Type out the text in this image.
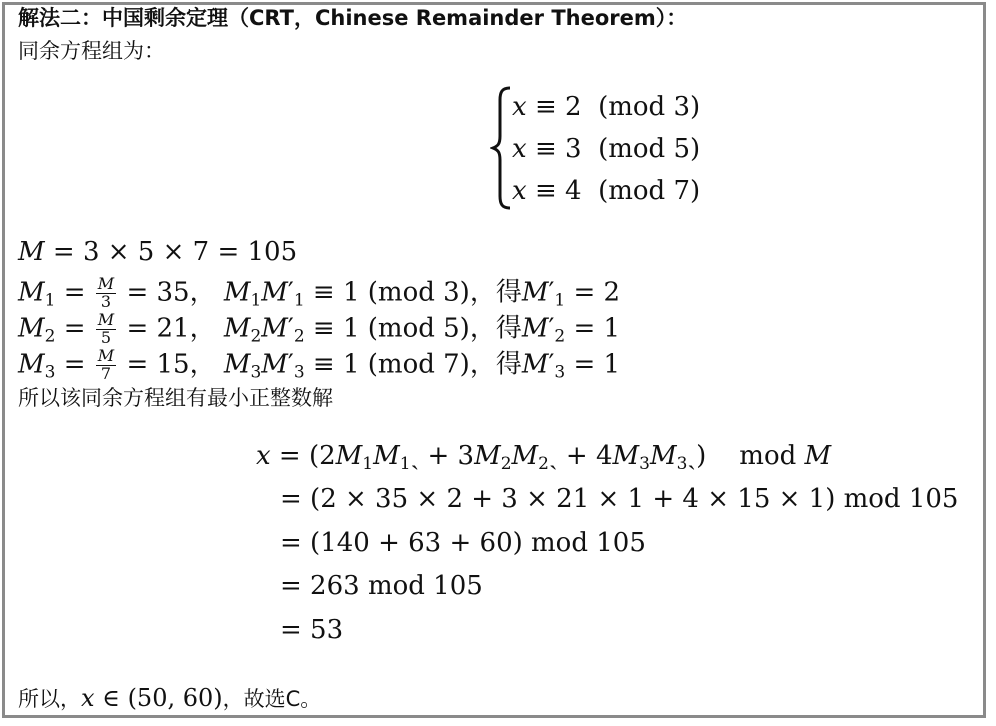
解法二：中国剩余定理（CRT，Chinese Remainder Theorem）：
同余方程组为：
x ≡ 2 (mod 3)
x ≡ 3 (mod 5)
x ≡ 4 (mod 7)
M = 3 × 5 × 7 = 105
$M_1 = \frac{M}{3} = 35$， $M_1M'_1 \equiv 1$ (mod 3)，得$M'_1 = 2$
$M_2 = \frac{M}{5} = 21$， $M_2M'_2 \equiv 1$ (mod 5)，得$M'_2 = 1$
$M_3 = \frac{M}{7} = 15$， $M_3M'_3 \equiv 1$ (mod 7)，得$M'_3 = 1$
所以该同余方程组有最小正整数解
$x = (2M_1M_1ˎ$ + $3M_2M_2ˎ$ + $4M_3M_3ˎ$)    mod M
= (2 × 35 × 2 + 3 × 21 × 1 + 4 × 15 × 1) mod 105
= (140 + 63 + 60) mod 105
= 263 mod 105
= 53
所以，x ∈ (50, 60)，故选C。
